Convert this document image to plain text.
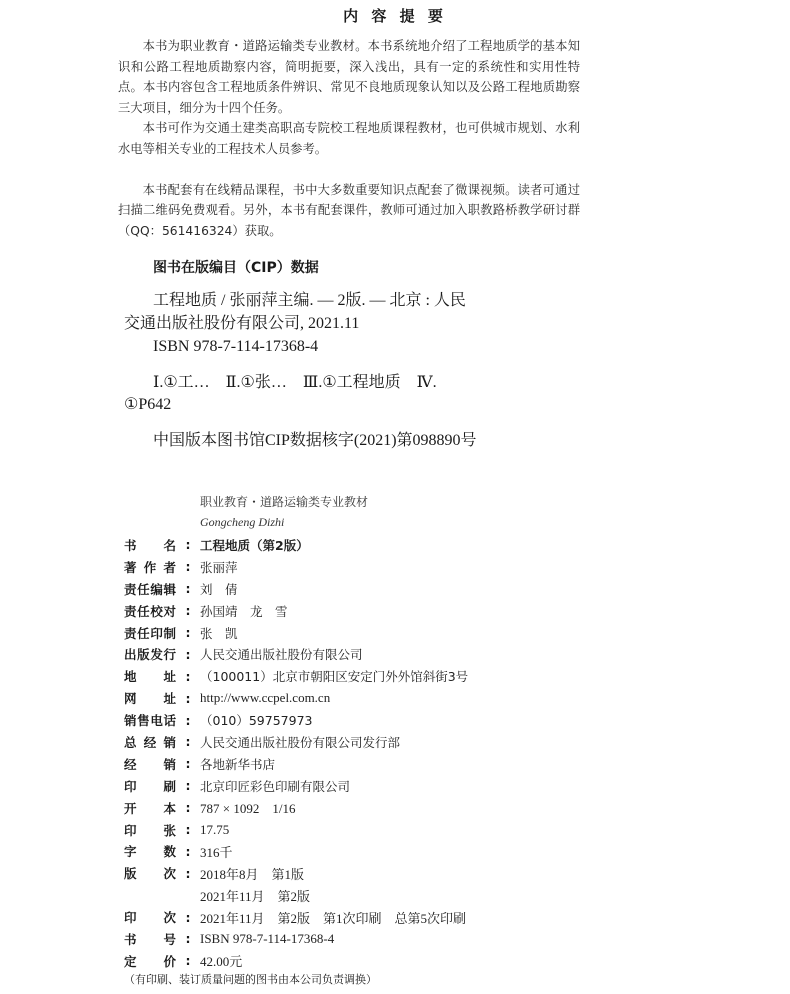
内 容 提 要

本书为职业教育・道路运输类专业教材。本书系统地介绍了工程地质学的基本知识和公路工程地质勘察内容，简明扼要，深入浅出，具有一定的系统性和实用性特点。本书内容包含工程地质条件辨识、常见不良地质现象认知以及公路工程地质勘察三大项目，细分为十四个任务。

本书可作为交通土建类高职高专院校工程地质课程教材，也可供城市规划、水利水电等相关专业的工程技术人员参考。

本书配套有在线精品课程，书中大多数重要知识点配套了微课视频。读者可通过扫描二维码免费观看。另外，本书有配套课件，教师可通过加入职教路桥教学研讨群（QQ：561416324）获取。

图书在版编目（CIP）数据
工程地质 / 张丽萍主编. — 2版. — 北京 : 人民
交通出版社股份有限公司, 2021.11
ISBN 978-7-114-17368-4
Ⅰ.①工…　Ⅱ.①张…　Ⅲ.①工程地质　Ⅳ.
①P642
中国版本图书馆CIP数据核字(2021)第098890号
职业教育・道路运输类专业教材
Gongcheng Dizhi
书名 : 工程地质（第2版）
著作者 : 张丽萍
责任编辑 : 刘　倩
责任校对 : 孙国靖　龙　雪
责任印制 : 张　凯
出版发行 : 人民交通出版社股份有限公司
地址 : （100011）北京市朝阳区安定门外外馆斜街3号
网址 : http://www.ccpel.com.cn
销售电话 : （010）59757973
总经销 : 人民交通出版社股份有限公司发行部
经销 : 各地新华书店
印刷 : 北京印匠彩色印刷有限公司
开本 : 787 × 1092　1/16
印张 : 17.75
字数 : 316千
版次 : 2018年8月　第1版
2021年11月　第2版
印次 : 2021年11月　第2版　第1次印刷　总第5次印刷
书号 : ISBN 978-7-114-17368-4
定价 : 42.00元
（有印刷、装订质量问题的图书由本公司负责调换）
